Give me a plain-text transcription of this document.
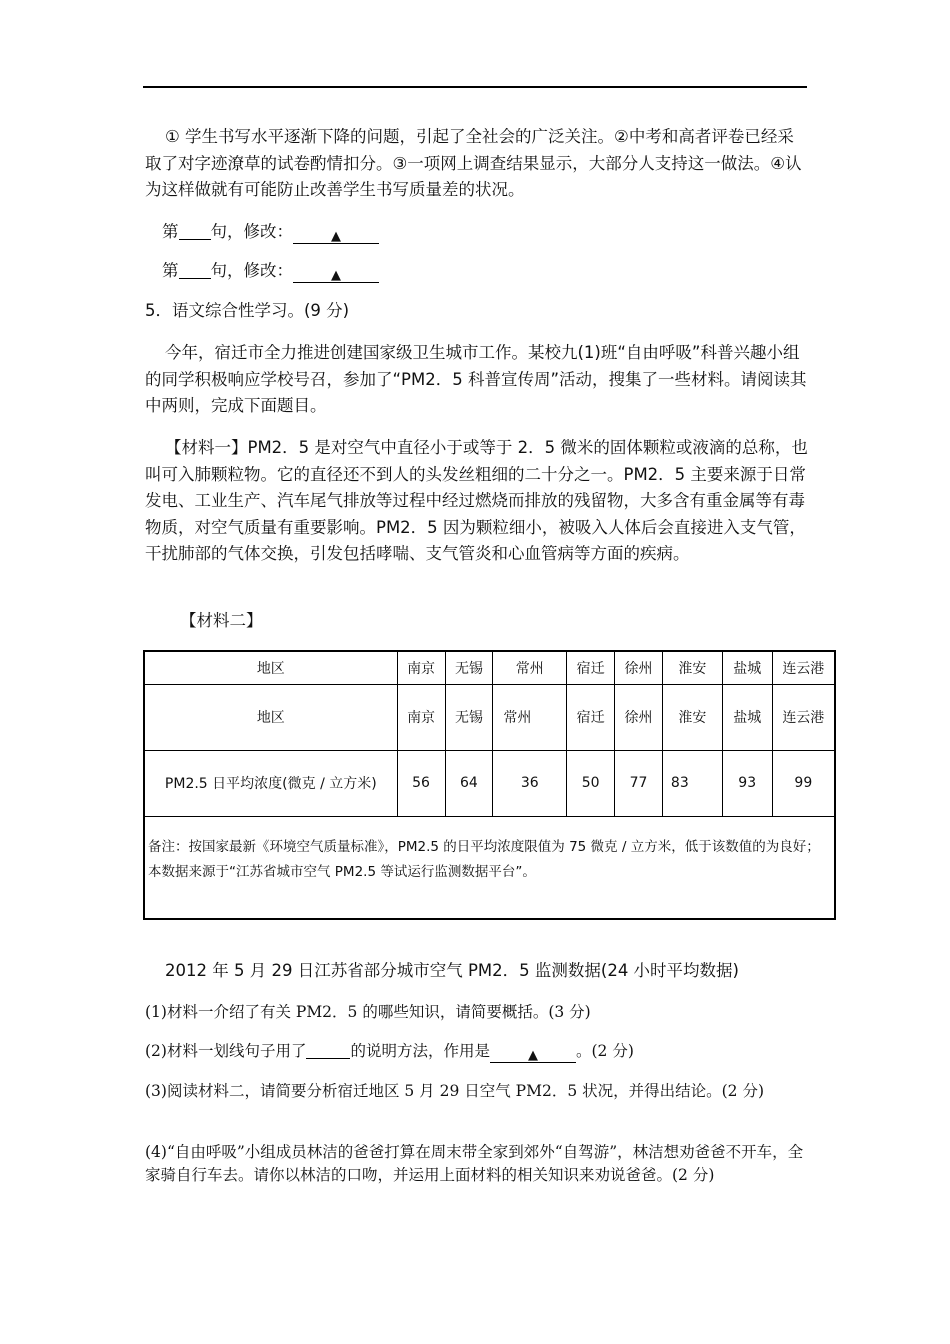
① 学生书写水平逐渐下降的问题，引起了全社会的广泛关注。②中考和高者评卷已经采取了对字迹潦草的试卷酌情扣分。③一项网上调查结果显示，大部分人支持这一做法。④认为这样做就有可能防止改善学生书写质量差的状况。
第 句，修改：	▲
第 句，修改：	▲
5．语文综合性学习。(9 分)
今年，宿迁市全力推进创建国家级卫生城市工作。某校九(1)班“自由呼吸”科普兴趣小组的同学积极响应学校号召，参加了“PM2．5 科普宣传周”活动，搜集了一些材料。请阅读其中两则，完成下面题目。
【材料一】PM2．5 是对空气中直径小于或等于 2．5 微米的固体颗粒或液滴的总称，也叫可入肺颗粒物。它的直径还不到人的头发丝粗细的二十分之一。PM2．5 主要来源于日常发电、工业生产、汽车尾气排放等过程中经过燃烧而排放的残留物，大多含有重金属等有毒物质，对空气质量有重要影响。PM2．5 因为颗粒细小，被吸入人体后会直接进入支气管，干扰肺部的气体交换，引发包括哮喘、支气管炎和心血管病等方面的疾病。
【材料二】
地区	南京	无锡	常州	宿迁	徐州	淮安	盐城	连云港
地区	南京	无锡	常州	宿迁	徐州	淮安	盐城	连云港
PM2.5 日平均浓度(微克 / 立方米)	56	64	36	50	77	83	93	99
备注：按国家最新《环境空气质量标准》，PM2.5 的日平均浓度限值为 75 微克 / 立方米，低于该数值的为良好；本数据来源于“江苏省城市空气 PM2.5 等试运行监测数据平台”。								
2012 年 5 月 29 日江苏省部分城市空气 PM2．5 监测数据(24 小时平均数据)
(1)材料一介绍了有关 PM2．5 的哪些知识，请简要概括。(3 分)
(2)材料一划线句子用了	的说明方法，作用是	▲ 。(2 分)
(3)阅读材料二，请简要分析宿迁地区 5 月 29 日空气 PM2．5 状况，并得出结论。(2 分)
(4)“自由呼吸”小组成员林洁的爸爸打算在周末带全家到郊外“自驾游”，林洁想劝爸爸不开车，全家骑自行车去。请你以林洁的口吻，并运用上面材料的相关知识来劝说爸爸。(2 分)
